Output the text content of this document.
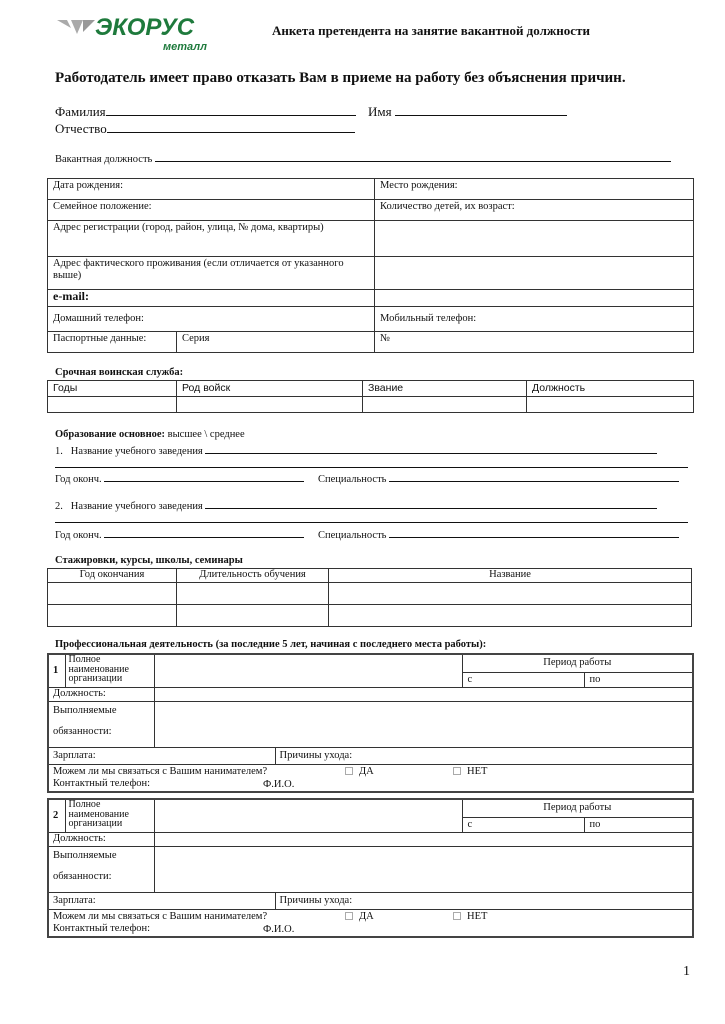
ЭКОРУС
металл
Анкета претендента на занятие вакантной должности
Работодатель имеет право отказать Вам в приеме на работу без объяснения причин.
Фамилия	Имя
Отчество
Вакантная должность
Дата рождения:		Место рождения:
Семейное положение:		Количество детей, их возраст:
Адрес регистрации (город, район, улица, № дома, квартиры)		
Адрес фактического проживания (если отличается от указанного выше)		
e-mail:		
Домашний телефон:		Мобильный телефон:
Паспортные данные:	Серия	№
Срочная воинская служба:
Годы	Род войск	Звание	Должность

Образование основное: высшее \ среднее
1. Название учебного заведения
Год оконч.	Специальность
2. Название учебного заведения
Год оконч.	Специальность
Стажировки, курсы, школы, семинары
Год окончания	Длительность обучения	Название

Профессиональная деятельность (за последние 5 лет, начиная с последнего места работы):
1	Полное наименование организации			Период работы	
				с	по
Должность:					

Выполняемые
обязанности:					

Зарплата:			Причины ухода:		

Можем ли мы связаться с Вашим нанимателем? ДА НЕТ
Контактный телефон: Ф.И.О.					
2	Полное наименование организации			Период работы	
				с	по
Должность:					

Выполняемые
обязанности:					

Зарплата:			Причины ухода:		

Можем ли мы связаться с Вашим нанимателем? ДА НЕТ
Контактный телефон: Ф.И.О.					
1
